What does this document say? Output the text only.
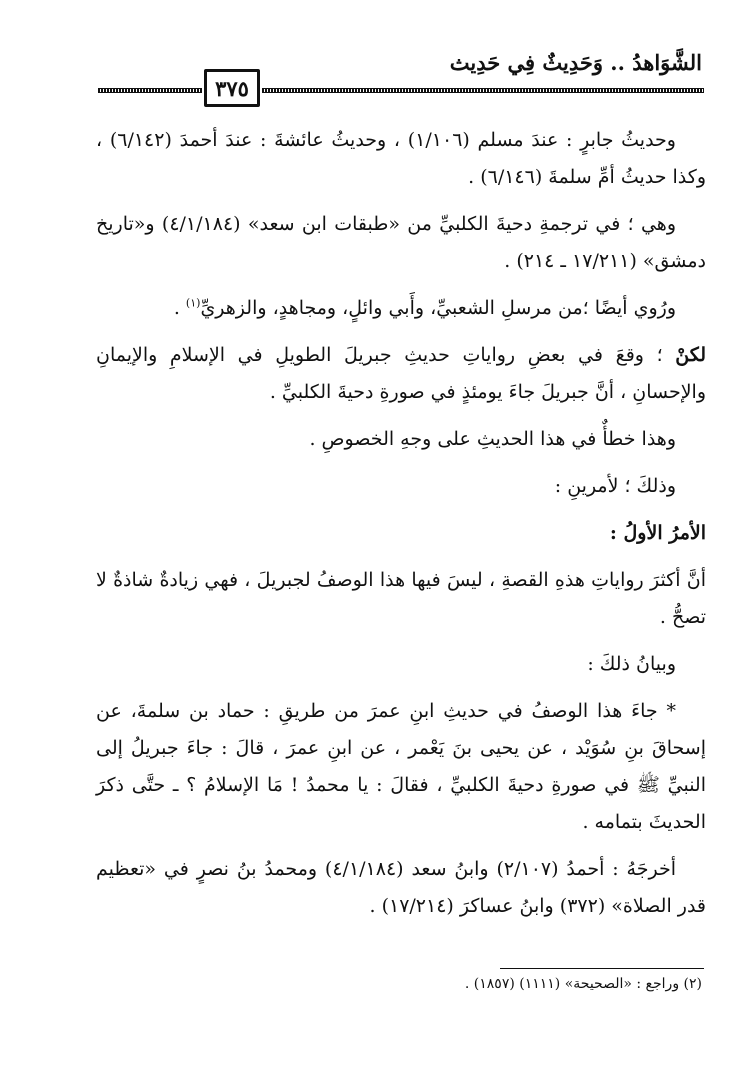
الشَّوَاهدُ .. وَحَدِيثٌ فِي حَدِيث
٣٧٥

وحديثُ جابرٍ : عندَ مسلم (١/١٠٦) ، وحديثُ عائشةَ : عندَ أحمدَ (٦/١٤٢) ، وكذا حديثُ أمِّ سلمةَ (٦/١٤٦) .

وهي ؛ في ترجمةِ دحيةَ الكلبيِّ من «طبقات ابن سعد» (٤/١/١٨٤) و«تاريخ دمشق» (١٧/٢١١ ـ ٢١٤) .

ورُوي أيضًا ؛من مرسلِ الشعبيِّ، وأَبي وائلٍ، ومجاهدٍ، والزهريِّ$^{(١)}$ .

لكنْ ؛ وقعَ في بعضِ رواياتِ حديثِ جبريلَ الطويلِ في الإسلامِ والإيمانِ والإحسانِ ، أنَّ جبريلَ جاءَ يومئذٍ في صورةِ دحيةَ الكلبيِّ .

وهذا خطأٌ في هذا الحديثِ على وجهِ الخصوصِ .

وذلكَ ؛ لأمرينِ :

الأمرُ الأولُ :

أنَّ أكثرَ رواياتِ هذهِ القصةِ ، ليسَ فيها هذا الوصفُ لجبريلَ ، فهي زيادةٌ شاذةٌ لا تصحُّ .

وبيانُ ذلكَ :

* جاءَ هذا الوصفُ في حديثِ ابنِ عمرَ من طريقِ : حماد بن سلمةَ، عن إسحاقَ بنِ سُوَيْد ، عن يحيى بنَ يَعْمر ، عن ابنِ عمرَ ، قالَ : جاءَ جبريلُ إلى النبيِّ ﷺ في صورةِ دحيةَ الكلبيِّ ، فقالَ : يا محمدُ ! مَا الإسلامُ ؟ ـ حتَّى ذكرَ الحديثَ بتمامه .

أخرجَهُ : أحمدُ (٢/١٠٧) وابنُ سعد (٤/١/١٨٤) ومحمدُ بنُ نصرٍ في «تعظيم قدر الصلاة» (٣٧٢) وابنُ عساكرَ (١٧/٢١٤) .

(٢) وراجع : «الصحيحة» (١١١١) (١٨٥٧) .
